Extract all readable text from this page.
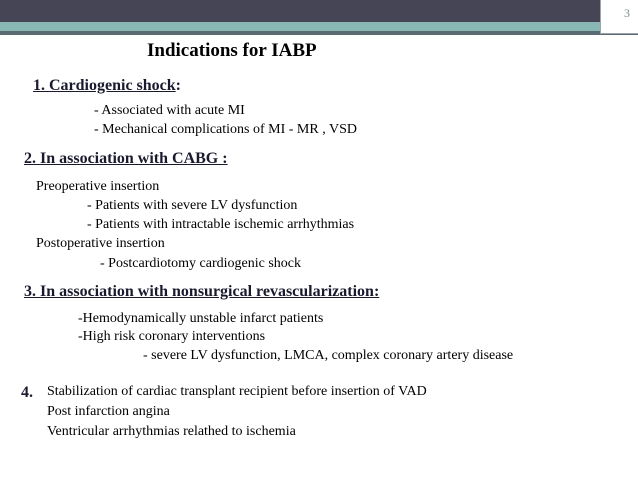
3
Indications for IABP
1. Cardiogenic shock:
- Associated with acute MI
- Mechanical complications of MI - MR , VSD
2. In association with CABG :
Preoperative insertion
- Patients with severe LV dysfunction
- Patients with intractable ischemic arrhythmias
Postoperative insertion
- Postcardiotomy cardiogenic shock
3. In association with nonsurgical revascularization:
-Hemodynamically unstable infarct patients
-High risk coronary interventions
- severe LV dysfunction, LMCA, complex coronary artery disease
4. Stabilization of cardiac transplant recipient before insertion of VAD
Post infarction angina
Ventricular arrhythmias relathed to ischemia
